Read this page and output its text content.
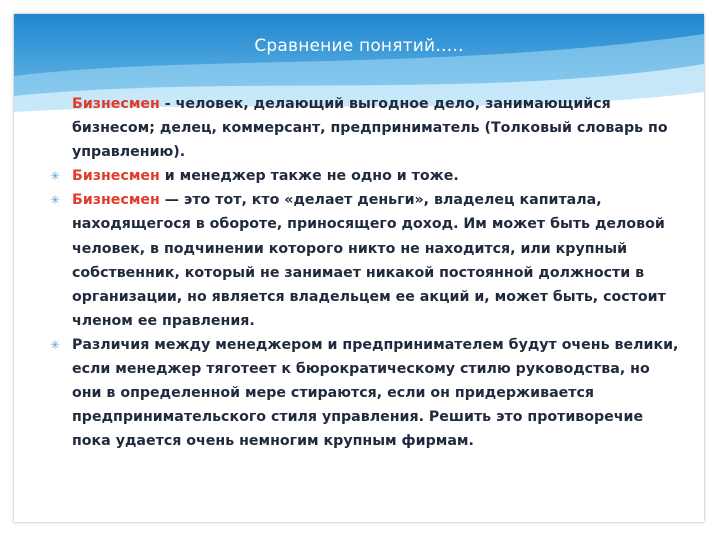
Сравнение понятий…..
Бизнесмен - человек, делающий выгодное дело, занимающийся бизнесом; делец, коммерсант, предприниматель (Толковый словарь по управлению).
✳ Бизнесмен и менеджер также не одно и тоже.
✳ Бизнесмен — это тот, кто «делает деньги», владелец капитала, находящегося в обороте, приносящего доход. Им может быть деловой человек, в подчинении которого никто не находится, или крупный собственник, который не занимает никакой постоянной должности в организации, но является владельцем ее акций и, может быть, состоит членом ее правления.
✳ Различия между менеджером и предпринимателем будут очень велики, если менеджер тяготеет к бюрократическому стилю руководства, но они в определенной мере стираются, если он придерживается предпринимательского стиля управления. Решить это противоречие пока удается очень немногим крупным фирмам.
